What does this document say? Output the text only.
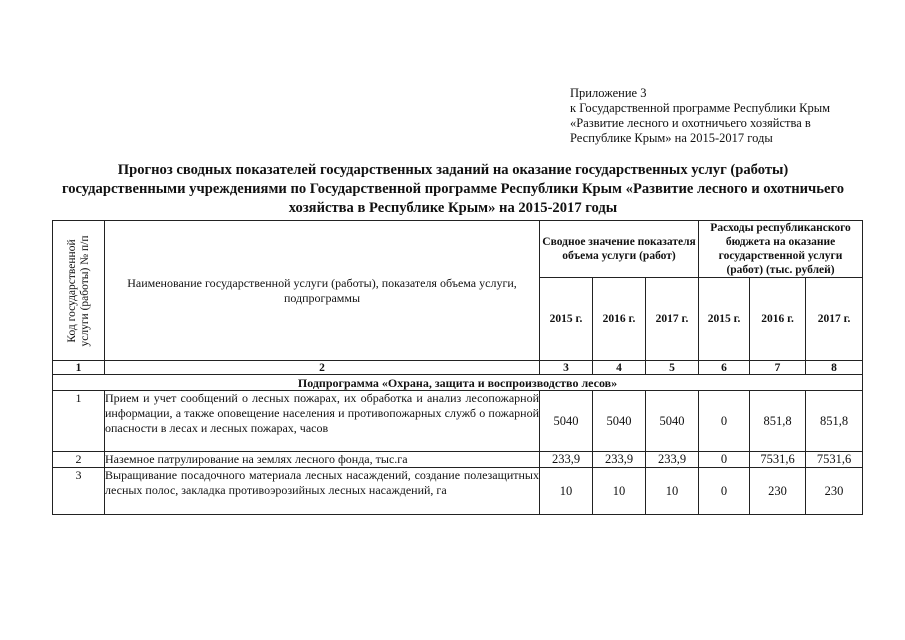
Приложение 3
к Государственной программе Республики Крым
«Развитие лесного и охотничьего хозяйства в
Республике Крым» на 2015-2017 годы
Прогноз сводных показателей государственных заданий на оказание государственных услуг (работы)
государственными учреждениями по Государственной программе Республики Крым «Развитие лесного и охотничьего
хозяйства в Республике Крым» на 2015-2017 годы
Код государственной услуги (работы) № п/п	Наименование государственной услуги (работы), показателя объема услуги, подпрограммы	Сводное значение показателя объема услуги (работ)			Расходы республиканского бюджета на оказание государственной услуги (работ) (тыс. рублей)		
		2015 г.	2016 г.	2017 г.	2015 г.	2016 г.	2017 г.
1	2	3	4	5	6	7	8
Подпрограмма «Охрана, защита и воспроизводство лесов»							
1	Прием и учет сообщений о лесных пожарах, их обработка и анализ лесопожарной информации, а также оповещение населения и противопожарных служб о пожарной опасности в лесах и лесных пожарах, часов	5040	5040	5040	0	851,8	851,8
2	Наземное патрулирование на землях лесного фонда, тыс.га	233,9	233,9	233,9	0	7531,6	7531,6
3	Выращивание посадочного материала лесных насаждений, создание полезащитных лесных полос, закладка противоэрозийных лесных насаждений, га	10	10	10	0	230	230
